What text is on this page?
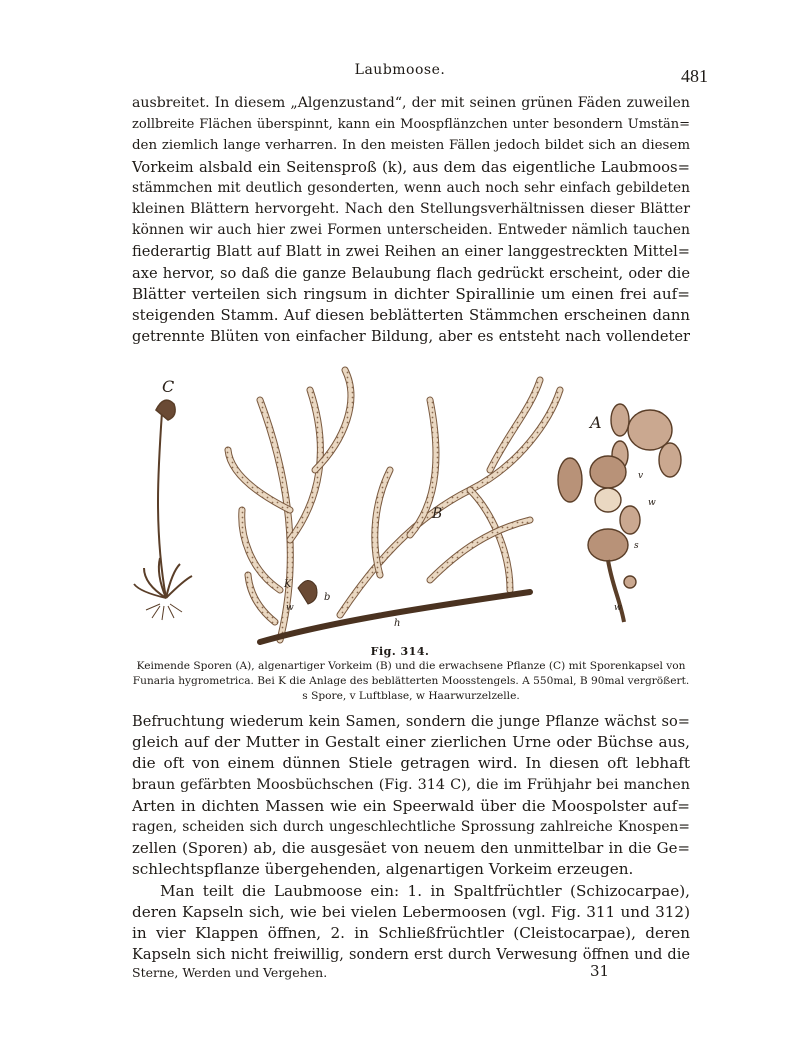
Laubmoose.	481
ausbreitet. In diesem „Algenzustand“, der mit seinen grünen Fäden zuweilen
zollbreite Flächen überspinnt, kann ein Moospflänzchen unter besondern Umstän=
den ziemlich lange verharren. In den meisten Fällen jedoch bildet sich an diesem
Vorkeim alsbald ein Seitensproß (k), aus dem das eigentliche Laubmoos=
stämmchen mit deutlich gesonderten, wenn auch noch sehr einfach gebildeten
kleinen Blättern hervorgeht. Nach den Stellungsverhältnissen dieser Blätter
können wir auch hier zwei Formen unterscheiden. Entweder nämlich tauchen
fiederartig Blatt auf Blatt in zwei Reihen an einer langgestreckten Mittel=
axe hervor, so daß die ganze Belaubung flach gedrückt erscheint, oder die
Blätter verteilen sich ringsum in dichter Spirallinie um einen frei auf=
steigenden Stamm. Auf diesen beblätterten Stämmchen erscheinen dann
getrennte Blüten von einfacher Bildung, aber es entsteht nach vollendeter
C
A
B
K
b
h
v
s
w
w
w
Fig. 314.
Keimende Sporen (A), algenartiger Vorkeim (B) und die erwachsene Pflanze (C) mit Sporenkapsel von
Funaria hygrometrica. Bei K die Anlage des beblätterten Moosstengels. A 550mal, B 90mal vergrößert.
s Spore, v Luftblase, w Haarwurzelzelle.
Befruchtung wiederum kein Samen, sondern die junge Pflanze wächst so=
gleich auf der Mutter in Gestalt einer zierlichen Urne oder Büchse aus,
die oft von einem dünnen Stiele getragen wird. In diesen oft lebhaft
braun gefärbten Moosbüchschen (Fig. 314 C), die im Frühjahr bei manchen
Arten in dichten Massen wie ein Speerwald über die Moospolster auf=
ragen, scheiden sich durch ungeschlechtliche Sprossung zahlreiche Knospen=
zellen (Sporen) ab, die ausgesäet von neuem den unmittelbar in die Ge=
schlechtspflanze übergehenden, algenartigen Vorkeim erzeugen.
Man teilt die Laubmoose ein: 1. in Spaltfrüchtler (Schizocarpae),
deren Kapseln sich, wie bei vielen Lebermoosen (vgl. Fig. 311 und 312)
in vier Klappen öffnen, 2. in Schließfrüchtler (Cleistocarpae), deren
Kapseln sich nicht freiwillig, sondern erst durch Verwesung öffnen und die
Sterne, Werden und Vergehen.	31
